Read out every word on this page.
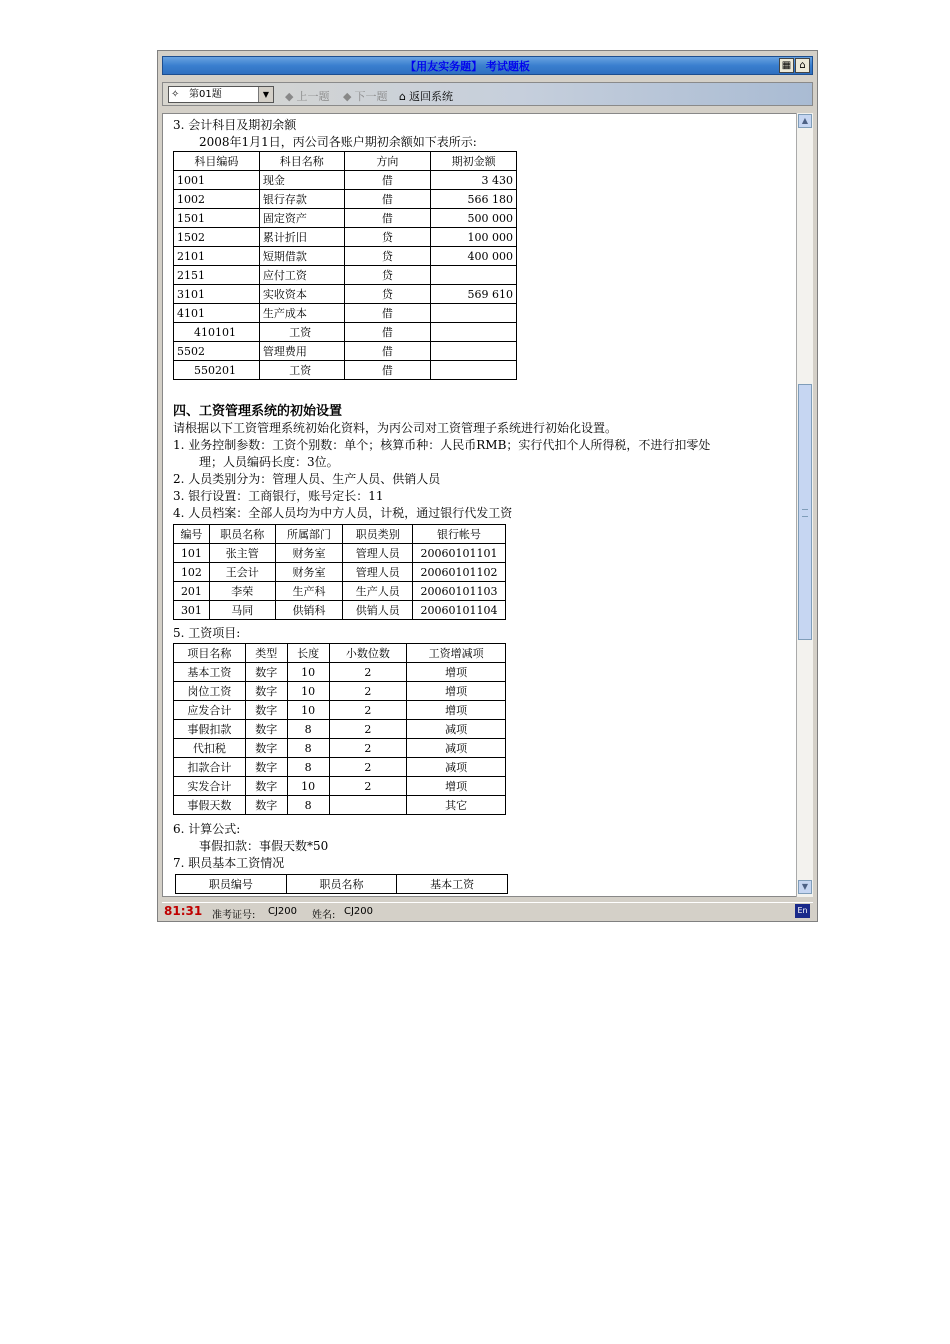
【用友实务题】 考试题板	▦ ⌂
✧ 第01题	▼	◆ 上一题 ◆ 下一题 ⌂ 返回系统
3. 会计科目及期初余额
2008年1月1日，丙公司各账户期初余额如下表所示:
科目编码	科目名称	方向	期初金额
1001	现金	借	3 430
1002	银行存款	借	566 180
1501	固定资产	借	500 000
1502	累计折旧	贷	100 000
2101	短期借款	贷	400 000
2151	应付工资	贷	
3101	实收资本	贷	569 610
4101	生产成本	借	
410101	工资	借	
5502	管理费用	借	
550201	工资	借	
四、工资管理系统的初始设置
请根据以下工资管理系统初始化资料，为丙公司对工资管理子系统进行初始化设置。
1. 业务控制参数：工资个别数：单个；核算币种：人民币RMB；实行代扣个人所得税，不进行扣零处
理；人员编码长度：3位。
2. 人员类别分为：管理人员、生产人员、供销人员
3. 银行设置：工商银行，账号定长：11
4. 人员档案：全部人员均为中方人员，计税，通过银行代发工资
编号	职员名称	所属部门	职员类别	银行帐号
101	张主管	财务室	管理人员	20060101101
102	王会计	财务室	管理人员	20060101102
201	李荣	生产科	生产人员	20060101103
301	马同	供销科	供销人员	20060101104
5. 工资项目:
项目名称	类型	长度	小数位数	工资增减项
基本工资	数字	10	2	增项
岗位工资	数字	10	2	增项
应发合计	数字	10	2	增项
事假扣款	数字	8	2	减项
代扣税	数字	8	2	减项
扣款合计	数字	8	2	减项
实发合计	数字	10	2	增项
事假天数	数字	8		其它
6. 计算公式:
事假扣款：事假天数*50
7. 职员基本工资情况
职员编号	职员名称	基本工资
▲
▼
81:31 准考证号: CJ200 姓名: CJ200	En
